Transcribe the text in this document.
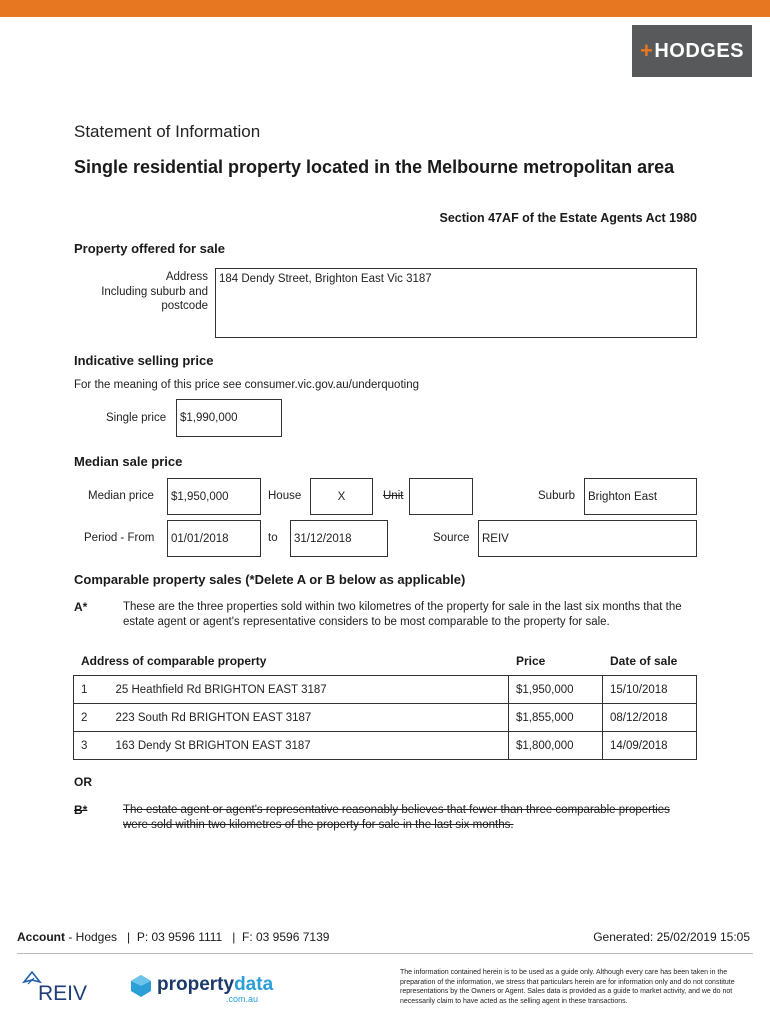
+ HODGES
Statement of Information
Single residential property located in the Melbourne metropolitan area
Section 47AF of the Estate Agents Act 1980
Property offered for sale
Address
Including suburb and
postcode
184 Dendy Street, Brighton East Vic 3187
Indicative selling price
For the meaning of this price see consumer.vic.gov.au/underquoting
Single price $1,990,000
Median sale price
Median price $1,950,000	House	X	Unit	Suburb Brighton East
Period - From 01/01/2018	to 31/12/2018	Source REIV
Comparable property sales (*Delete A or B below as applicable)
A*	These are the three properties sold within two kilometres of the property for sale in the last six months that the estate agent or agent's representative considers to be most comparable to the property for sale.
Address of comparable property	Price	Date of sale
1	25 Heathfield Rd BRIGHTON EAST 3187	$1,950,000	15/10/2018
2	223 South Rd BRIGHTON EAST 3187	$1,855,000	08/12/2018
3	163 Dendy St BRIGHTON EAST 3187	$1,800,000	14/09/2018
OR
B*	The estate agent or agent's representative reasonably believes that fewer than three comparable properties were sold within two kilometres of the property for sale in the last six months.
Account - Hodges   |  P: 03 9596 1111   |  F: 03 9596 7139	Generated: 25/02/2019 15:05
REIV	propertydata
.com.au
The information contained herein is to be used as a guide only. Although every care has been taken in the preparation of the information, we stress that particulars herein are for information only and do not constitute representations by the Owners or Agent. Sales data is provided as a guide to market activity, and we do not necessarily claim to have acted as the selling agent in these transactions.
